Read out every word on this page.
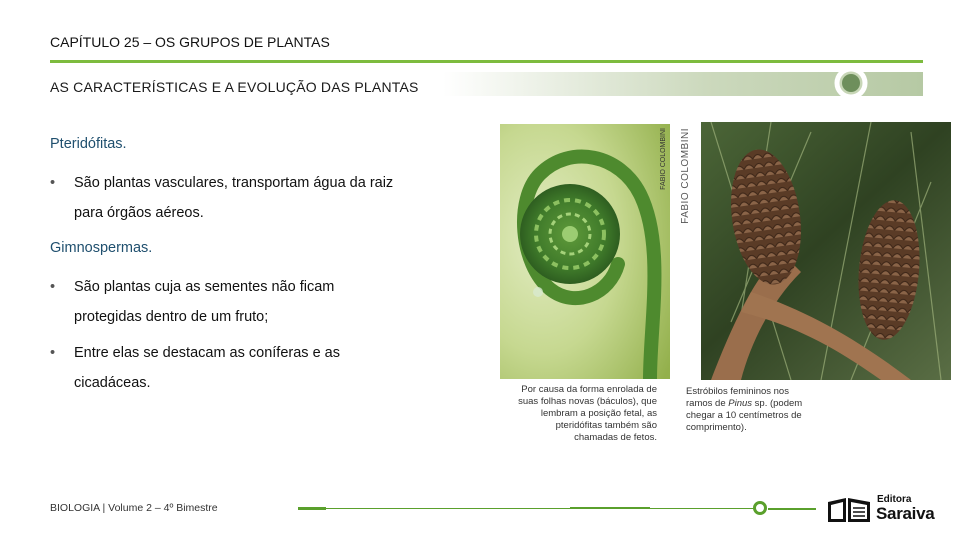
CAPÍTULO 25 – OS GRUPOS DE PLANTAS
AS CARACTERÍSTICAS E A EVOLUÇÃO DAS PLANTAS
Pteridófitas.
• São plantas vasculares, transportam água da raiz
para órgãos aéreos.
Gimnospermas.
• São plantas cuja as sementes não ficam
protegidas dentro de um fruto;
• Entre elas se destacam as coníferas e as
cicadáceas.
FABIO COLOMBINI FABIO COLOMBINI
Por causa da forma enrolada de
suas folhas novas (báculos), que
lembram a posição fetal, as
pteridófitas também são
chamadas de fetos.
Estróbilos femininos nos
ramos de Pinus sp. (podem
chegar a 10 centímetros de
comprimento).
BIOLOGIA | Volume 2 – 4º Bimestre
Editora
Saraiva
